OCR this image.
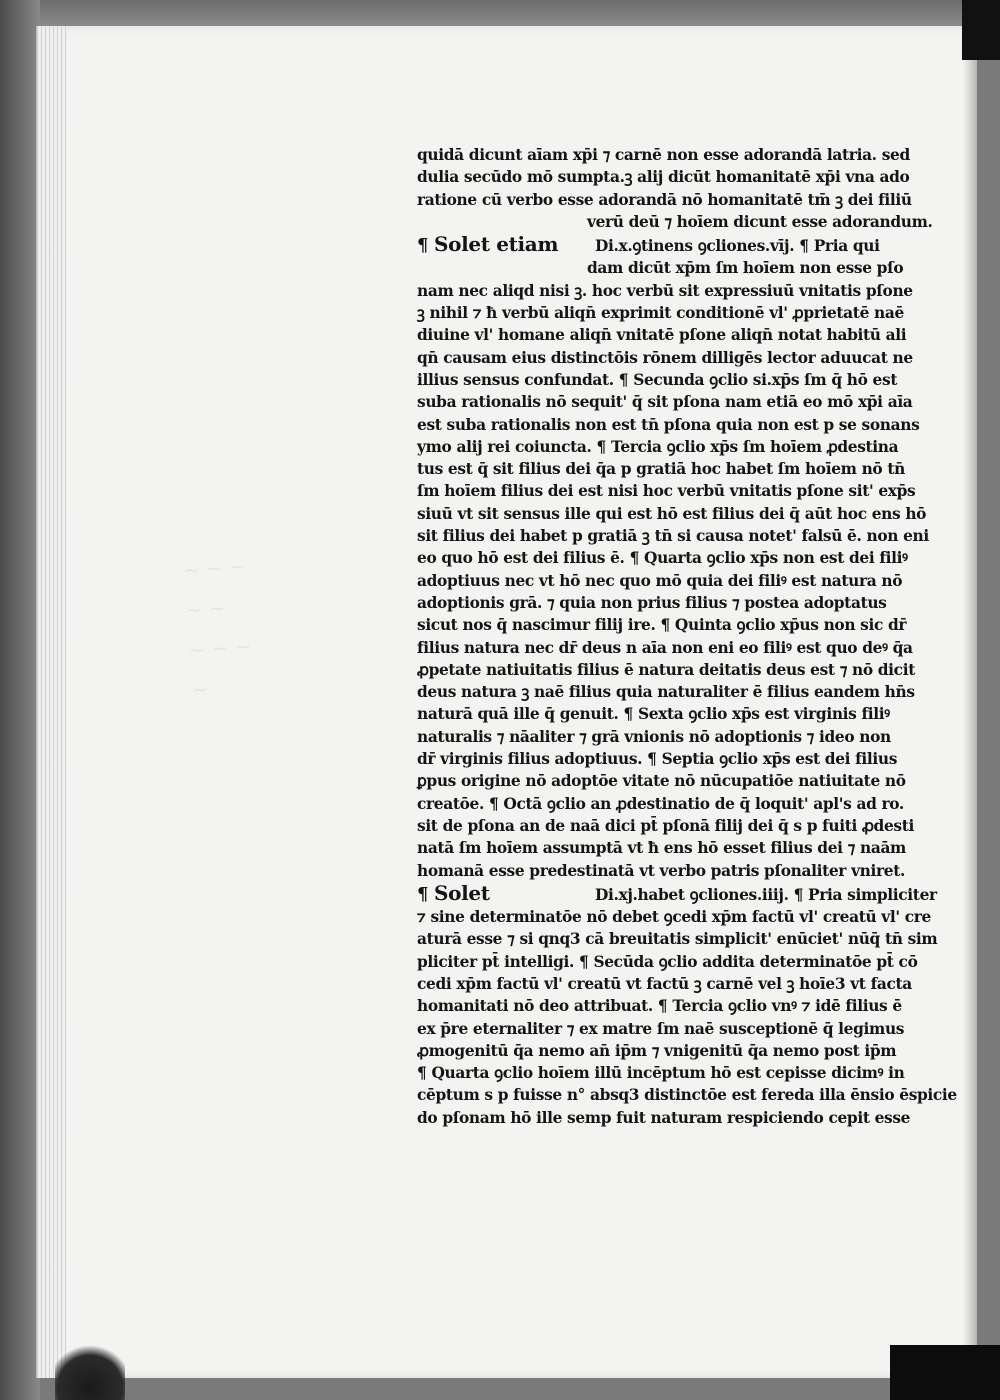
~ ~ ~
~ ~
~ ~ ~
~
quidā dicunt aīam xp̄i ⁊ carnē non esse adorandā latria. sed
dulia secūdo mō sumpta.ꝫ alij dicūt homanitatē xp̄i vna ado
ratione cū verbo esse adorandā nō homanitatē tm̄ ꝫ dei filiū
verū deū ⁊ hoīem dicunt esse adorandum.
¶ Solet etiam Di.x.ꝯtinens ꝯcliones.vīj. ¶ Pria qui
dam dicūt xp̄m ſm hoīem non esse pſo
nam nec aliqd nisi ꝫ. hoc verbū sit expressiuū vnitatis pſone
ꝫ nihil ⁊ ħ verbū aliqn̄ exprimit conditionē vl' ꝓprietatē naē
diuine vl' homane aliqn̄ vnitatē pſone aliqn̄ notat habitū ali
qn̄ causam eius distinctōis rōnem dilligēs lector aduucat ne
illius sensus confundat. ¶ Secunda ꝯclio si.xp̄s ſm q̄ hō est
suba rationalis nō sequit' q̄ sit pſona nam etiā eo mō xp̄i aīa
est suba rationalis non est tn̄ pſona quia non est p se sonans
ymo alij rei coiuncta. ¶ Tercia ꝯclio xp̄s ſm hoīem ꝓdestina
tus est q̄ sit filius dei q̄a p gratiā hoc habet ſm hoīem nō tn̄
ſm hoīem filius dei est nisi hoc verbū vnitatis pſone sit' exp̄s
siuū vt sit sensus ille qui est hō est filius dei q̄ aūt hoc ens hō
sit filius dei habet p gratiā ꝫ tn̄ si causa notet' falsū ē. non eni
eo quo hō est dei filius ē. ¶ Quarta ꝯclio xp̄s non est dei filiꝰ
adoptiuus nec vt hō nec quo mō quia dei filiꝰ est natura nō
adoptionis grā. ⁊ quia non prius filius ⁊ postea adoptatus
sicut nos q̄ nascimur filij ire. ¶ Quinta ꝯclio xp̄us non sic dr̄
filius natura nec dr̄ deus n aīa non eni eo filiꝰ est quo deꝰ q̄a
ꝓpetate natiuitatis filius ē natura deitatis deus est ⁊ nō dicit
deus natura ꝫ naē filius quia naturaliter ē filius eandem hn̄s
naturā quā ille q̄ genuit. ¶ Sexta ꝯclio xp̄s est virginis filiꝰ
naturalis ⁊ nāaliter ⁊ grā vnionis nō adoptionis ⁊ ideo non
dr̄ virginis filius adoptiuus. ¶ Septia ꝯclio xp̄s est dei filius
ꝑpus origine nō adoptōe vitate nō nūcupatiōe natiuitate nō
creatōe. ¶ Octā ꝯclio an ꝓdestinatio de q̄ loquit' apl's ad ro.
sit de pſona an de naā dici pt̄ pſonā filij dei q̄ s p fuiti ꝓdesti
natā ſm hoīem assumptā vt ħ ens hō esset filius dei ⁊ naām
homanā esse predestinatā vt verbo patris pſonaliter vniret.
¶ Solet	Di.xj.habet ꝯcliones.iiij. ¶ Pria simpliciter
⁊ sine determinatōe nō debet ꝯcedi xp̄m factū vl' creatū vl' cre
aturā esse ⁊ si qnq3 cā breuitatis simplicit' enūciet' nūq̄ tn̄ sim
pliciter pt̄ intelligi. ¶ Secūda ꝯclio addita determinatōe pt̄ cō
cedi xp̄m factū vl' creatū vt factū ꝫ carnē vel ꝫ hoīe3 vt facta
homanitati nō deo attribuat. ¶ Tercia ꝯclio vnꝰ ⁊ idē filius ē
ex p̄re eternaliter ⁊ ex matre ſm naē susceptionē q̄ legimus
ꝓmogenitū q̄a nemo an̄ ip̄m ⁊ vnigenitū q̄a nemo post ip̄m
¶ Quarta ꝯclio hoīem illū incēptum hō est cepisse dicimꝰ in
cēptum s p fuisse n° absq3 distinctōe est fereda illa ēnsio ēspicie
do pſonam hō ille semp fuit naturam respiciendo cepit esse
